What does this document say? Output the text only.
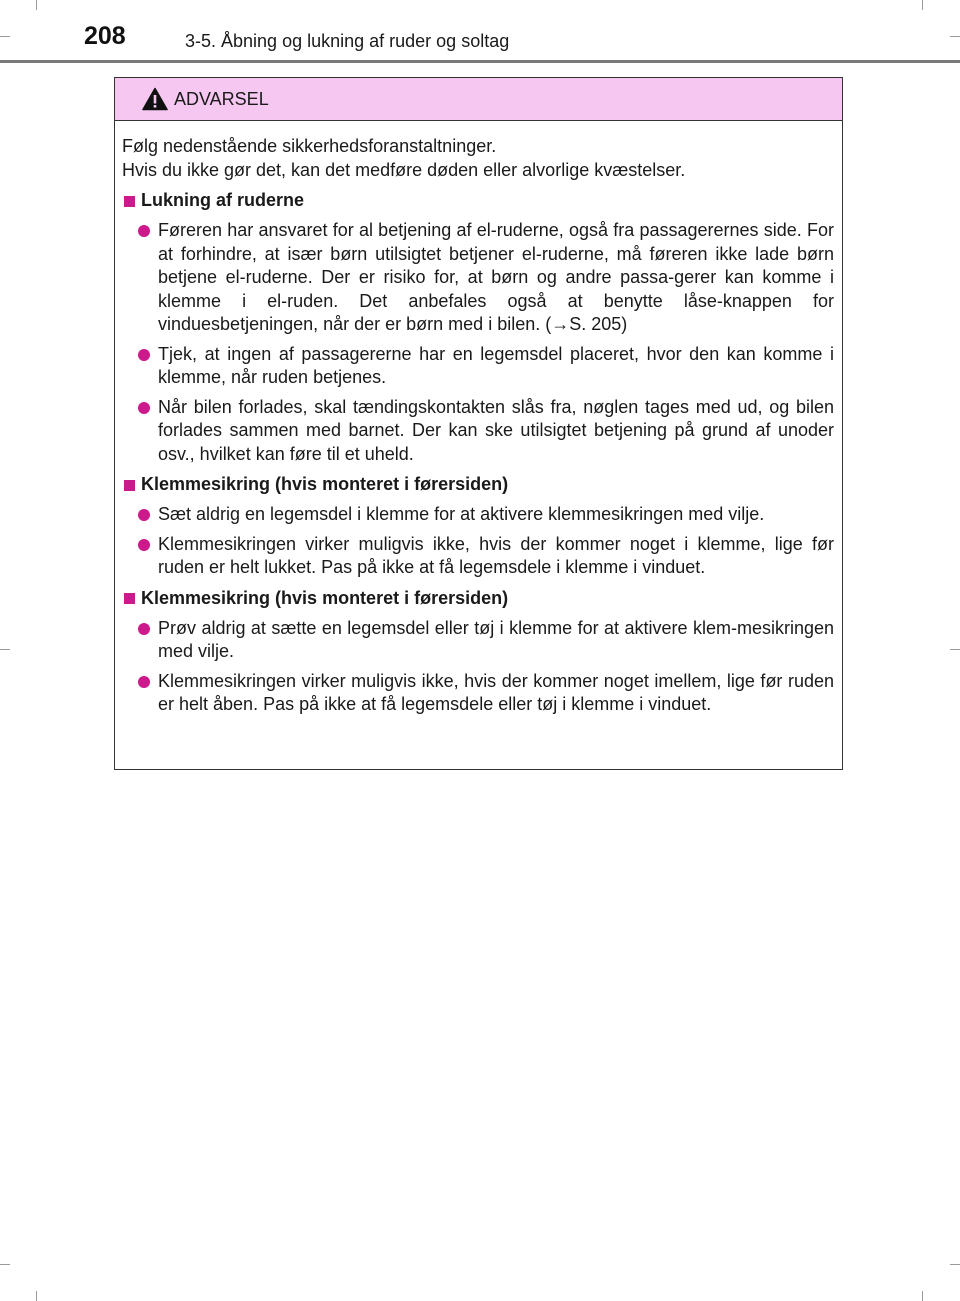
208	3-5. Åbning og lukning af ruder og soltag
ADVARSEL

Følg nedenstående sikkerhedsforanstaltninger.

Hvis du ikke gør det, kan det medføre døden eller alvorlige kvæstelser.

Lukning af ruderne
Føreren har ansvaret for al betjening af el-ruderne, også fra passagerernes side. For at forhindre, at især børn utilsigtet betjener el-ruderne, må føreren ikke lade børn betjene el-ruderne. Der er risiko for, at børn og andre passa-gerer kan komme i klemme i el-ruden. Det anbefales også at benytte låse-knappen for vinduesbetjeningen, når der er børn med i bilen. (→S. 205)
Tjek, at ingen af passagererne har en legemsdel placeret, hvor den kan komme i klemme, når ruden betjenes.
Når bilen forlades, skal tændingskontakten slås fra, nøglen tages med ud, og bilen forlades sammen med barnet. Der kan ske utilsigtet betjening på grund af unoder osv., hvilket kan føre til et uheld.
Klemmesikring (hvis monteret i førersiden)
Sæt aldrig en legemsdel i klemme for at aktivere klemmesikringen med vilje.
Klemmesikringen virker muligvis ikke, hvis der kommer noget i klemme, lige før ruden er helt lukket. Pas på ikke at få legemsdele i klemme i vinduet.
Klemmesikring (hvis monteret i førersiden)
Prøv aldrig at sætte en legemsdel eller tøj i klemme for at aktivere klem-mesikringen med vilje.
Klemmesikringen virker muligvis ikke, hvis der kommer noget imellem, lige før ruden er helt åben. Pas på ikke at få legemsdele eller tøj i klemme i vinduet.
